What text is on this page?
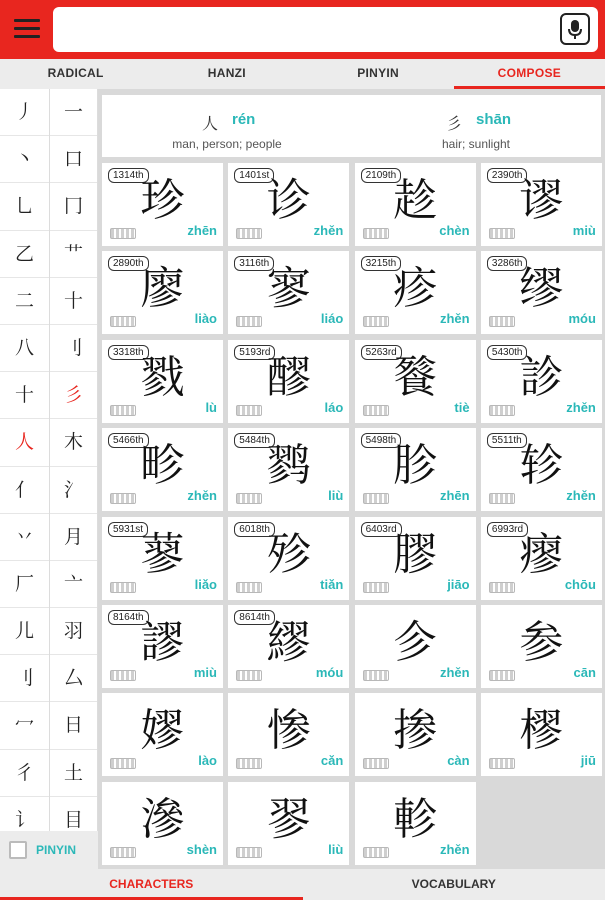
RADICAL	HANZI	PINYIN	COMPOSE
丿
丶
乚
乙
二
八
十
人
亻
丷
厂
儿
刂
冖
彳
讠
一
口
冂
艹
十
刂
彡
木
氵
月
亠
羽
厶
日
土
目
PINYIN
人 rén
man, person; people
彡 shān
hair; sunlight
1314th
珍
zhēn
1401st
诊
zhěn
2109th
趁
chèn
2390th
谬
miù
2890th
廖
liào
3116th
寥
liáo
3215th
疹
zhěn
3286th
缪
móu
3318th
戮
lù
5193rd
醪
láo
5263rd
餮
tiè
5430th
診
zhěn
5466th
畛
zhěn
5484th
鹨
liù
5498th
胗
zhēn
5511th
轸
zhěn
5931st
蓼
liǎo
6018th
殄
tiǎn
6403rd
膠
jiāo
6993rd
瘳
chōu
8164th
謬
miù
8614th
繆
móu
㐱
zhěn
参
cān
嫪
lào
惨
cǎn
掺
càn
樛
jiū
滲
shèn
翏
liù
軫
zhěn
CHARACTERS	VOCABULARY
